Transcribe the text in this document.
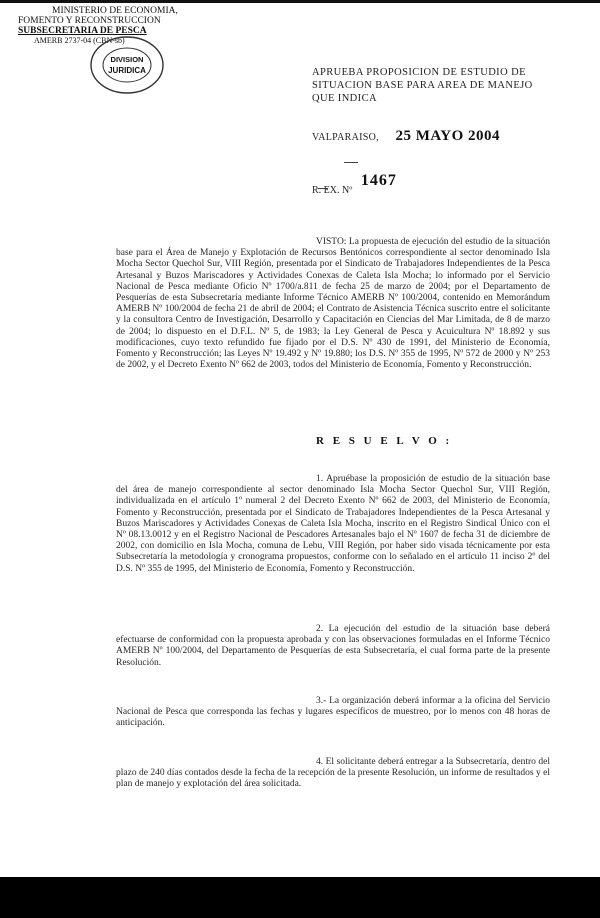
MINISTERIO DE ECONOMIA,
FOMENTO Y RECONSTRUCCION
SUBSECRETARIA DE PESCA
AMERB 2737-04 (CBN-sb)
DIVISION
JURIDICA	APRUEBA PROPOSICION DE ESTUDIO DE SITUACION BASE PARA AREA DE MANEJO QUE INDICA
VALPARAISO, 25 MAYO 2004
R. EX. Nº 1467
VISTO: La propuesta de ejecución del estudio de la situación base para el Área de Manejo y Explotación de Recursos Bentónicos correspondiente al sector denominado Isla Mocha Sector Quechol Sur, VIII Región, presentada por el Sindicato de Trabajadores Independientes de la Pesca Artesanal y Buzos Mariscadores y Actividades Conexas de Caleta Isla Mocha; lo informado por el Servicio Nacional de Pesca mediante Oficio Nº 1700/a.811 de fecha 25 de marzo de 2004; por el Departamento de Pesquerías de esta Subsecretaría mediante Informe Técnico AMERB Nº 100/2004, contenido en Memorándum AMERB Nº 100/2004 de fecha 21 de abril de 2004; el Contrato de Asistencia Técnica suscrito entre el solicitante y la consultora Centro de Investigación, Desarrollo y Capacitación en Ciencias del Mar Limitada, de 8 de marzo de 2004; lo dispuesto en el D.F.L. Nº 5, de 1983; la Ley General de Pesca y Acuicultura Nº 18.892 y sus modificaciones, cuyo texto refundido fue fijado por el D.S. Nº 430 de 1991, del Ministerio de Economía, Fomento y Reconstrucción; las Leyes Nº 19.492 y Nº 19.880; los D.S. Nº 355 de 1995, Nº 572 de 2000 y Nº 253 de 2002, y el Decreto Exento Nº 662 de 2003, todos del Ministerio de Economía, Fomento y Reconstrucción.
R E S U E L V O :
1. Apruébase la proposición de estudio de la situación base del área de manejo correspondiente al sector denominado Isla Mocha Sector Quechol Sur, VIII Región, individualizada en el artículo 1º numeral 2 del Decreto Exento Nº 662 de 2003, del Ministerio de Economía, Fomento y Reconstrucción, presentada por el Sindicato de Trabajadores Independientes de la Pesca Artesanal y Buzos Mariscadores y Actividades Conexas de Caleta Isla Mocha, inscrito en el Registro Sindical Único con el Nº 08.13.0012 y en el Registro Nacional de Pescadores Artesanales bajo el Nº 1607 de fecha 31 de diciembre de 2002, con domicilio en Isla Mocha, comuna de Lebu, VIII Región, por haber sido visada técnicamente por esta Subsecretaría la metodología y cronograma propuestos, conforme con lo señalado en el artículo 11 inciso 2º del D.S. Nº 355 de 1995, del Ministerio de Economía, Fomento y Reconstrucción.
2. La ejecución del estudio de la situación base deberá efectuarse de conformidad con la propuesta aprobada y con las observaciones formuladas en el Informe Técnico AMERB Nº 100/2004, del Departamento de Pesquerías de esta Subsecretaría, el cual forma parte de la presente Resolución.
3.- La organización deberá informar a la oficina del Servicio Nacional de Pesca que corresponda las fechas y lugares específicos de muestreo, por lo menos con 48 horas de anticipación.
4. El solicitante deberá entregar a la Subsecretaría, dentro del plazo de 240 días contados desde la fecha de la recepción de la presente Resolución, un informe de resultados y el plan de manejo y explotación del área solicitada.
